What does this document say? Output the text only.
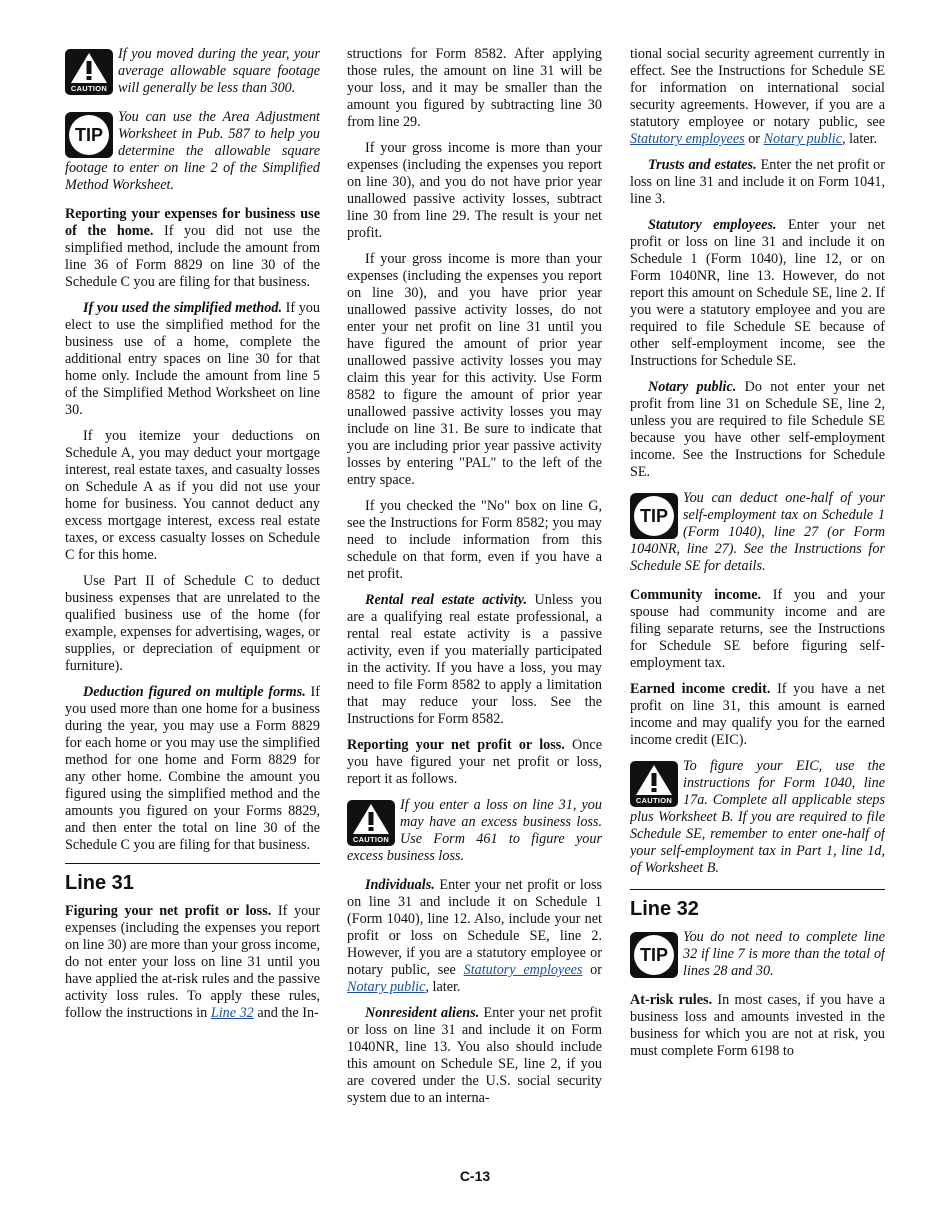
CAUTION
If you moved during the year, your average allowable square footage will generally be less than 300.
TIP
You can use the Area Adjustment Worksheet in Pub. 587 to help you determine the allowable square footage to enter on line 2 of the Simplified Method Worksheet.

Reporting your expenses for business use of the home. If you did not use the simplified method, include the amount from line 36 of Form 8829 on line 30 of the Schedule C you are filing for that business.

If you used the simplified method. If you elect to use the simplified method for the business use of a home, complete the additional entry spaces on line 30 for that home only. Include the amount from line 5 of the Simplified Method Worksheet on line 30.

If you itemize your deductions on Schedule A, you may deduct your mortgage interest, real estate taxes, and casualty losses on Schedule A as if you did not use your home for business. You cannot deduct any excess mortgage interest, excess real estate taxes, or excess casualty losses on Schedule C for this home.

Use Part II of Schedule C to deduct business expenses that are unrelated to the qualified business use of the home (for example, expenses for advertising, wages, or supplies, or depreciation of equipment or furniture).

Deduction figured on multiple forms. If you used more than one home for a business during the year, you may use a Form 8829 for each home or you may use the simplified method for one home and Form 8829 for any other home. Combine the amount you figured using the simplified method and the amounts you figured on your Forms 8829, and then enter the total on line 30 of the Schedule C you are filing for that business.

Line 31

Figuring your net profit or loss. If your expenses (including the expenses you report on line 30) are more than your gross income, do not enter your loss on line 31 until you have applied the at-risk rules and the passive activity loss rules. To apply these rules, follow the instructions in Line 32 and the In-

structions for Form 8582. After applying those rules, the amount on line 31 will be your loss, and it may be smaller than the amount you figured by subtracting line 30 from line 29.

If your gross income is more than your expenses (including the expenses you report on line 30), and you do not have prior year unallowed passive activity losses, subtract line 30 from line 29. The result is your net profit.

If your gross income is more than your expenses (including the expenses you report on line 30), and you have prior year unallowed passive activity losses, do not enter your net profit on line 31 until you have figured the amount of prior year unallowed passive activity losses you may claim this year for this activity. Use Form 8582 to figure the amount of prior year unallowed passive activity losses you may include on line 31. Be sure to indicate that you are including prior year passive activity losses by entering "PAL" to the left of the entry space.

If you checked the "No" box on line G, see the Instructions for Form 8582; you may need to include information from this schedule on that form, even if you have a net profit.

Rental real estate activity. Unless you are a qualifying real estate professional, a rental real estate activity is a passive activity, even if you materially participated in the activity. If you have a loss, you may need to file Form 8582 to apply a limitation that may reduce your loss. See the Instructions for Form 8582.

Reporting your net profit or loss. Once you have figured your net profit or loss, report it as follows.

CAUTION
If you enter a loss on line 31, you may have an excess business loss. Use Form 461 to figure your excess business loss.

Individuals. Enter your net profit or loss on line 31 and include it on Schedule 1 (Form 1040), line 12. Also, include your net profit or loss on Schedule SE, line 2. However, if you are a statutory employee or notary public, see Statutory employees or Notary public, later.

Nonresident aliens. Enter your net profit or loss on line 31 and include it on Form 1040NR, line 13. You also should include this amount on Schedule SE, line 2, if you are covered under the U.S. social security system due to an interna-

tional social security agreement currently in effect. See the Instructions for Schedule SE for information on international social security agreements. However, if you are a statutory employee or notary public, see Statutory employees or Notary public, later.

Trusts and estates. Enter the net profit or loss on line 31 and include it on Form 1041, line 3.

Statutory employees. Enter your net profit or loss on line 31 and include it on Schedule 1 (Form 1040), line 12, or on Form 1040NR, line 13. However, do not report this amount on Schedule SE, line 2. If you were a statutory employee and you are required to file Schedule SE because of other self-employment income, see the Instructions for Schedule SE.

Notary public. Do not enter your net profit from line 31 on Schedule SE, line 2, unless you are required to file Schedule SE because you have other self-employment income. See the Instructions for Schedule SE.

TIP
You can deduct one-half of your self-employment tax on Schedule 1 (Form 1040), line 27 (or Form 1040NR, line 27). See the Instructions for Schedule SE for details.

Community income. If you and your spouse had community income and are filing separate returns, see the Instructions for Schedule SE before figuring self-employment tax.

Earned income credit. If you have a net profit on line 31, this amount is earned income and may qualify you for the earned income credit (EIC).

CAUTION
To figure your EIC, use the instructions for Form 1040, line 17a. Complete all applicable steps plus Worksheet B. If you are required to file Schedule SE, remember to enter one-half of your self-employment tax in Part 1, line 1d, of Worksheet B.
Line 32
TIP
You do not need to complete line 32 if line 7 is more than the total of lines 28 and 30.

At-risk rules. In most cases, if you have a business loss and amounts invested in the business for which you are not at risk, you must complete Form 6198 to

C-13
